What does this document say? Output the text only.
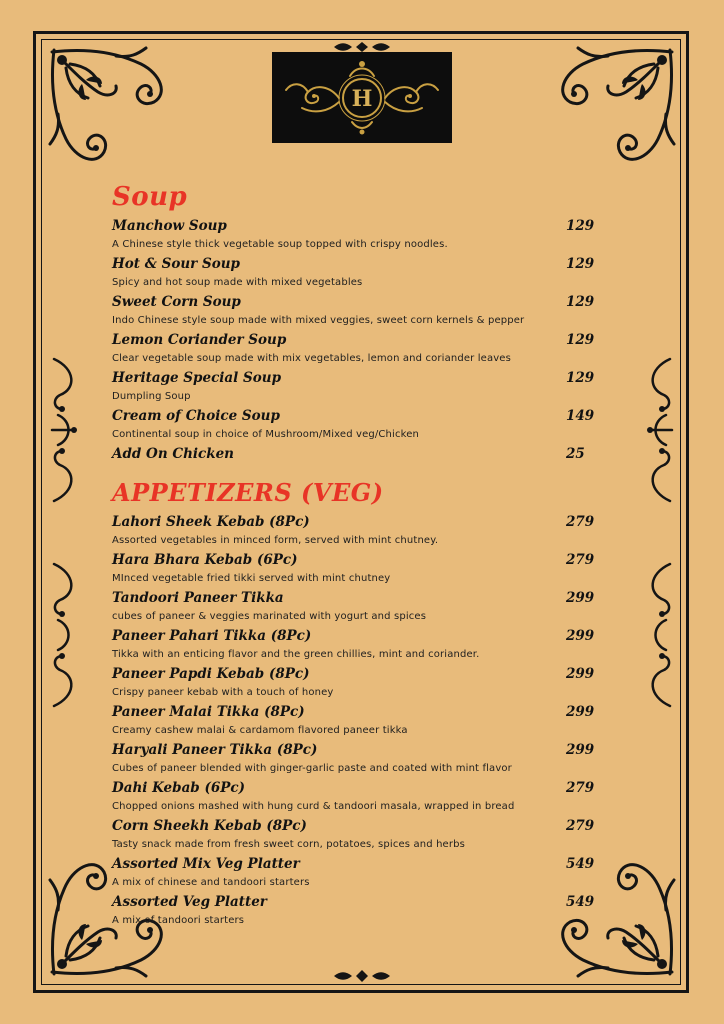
H
Soup
Manchow Soup	129
A Chinese style thick vegetable soup topped with crispy noodles.
Hot & Sour Soup	129
Spicy and hot soup made with mixed vegetables
Sweet Corn Soup	129
Indo Chinese style soup made with mixed veggies, sweet corn kernels & pepper
Lemon Coriander Soup	129
Clear vegetable soup made with mix vegetables, lemon and coriander leaves
Heritage Special Soup	129
Dumpling Soup
Cream of Choice Soup	149
Continental soup in choice of Mushroom/Mixed veg/Chicken
Add On Chicken	25
APPETIZERS (VEG)
Lahori Sheek Kebab (8Pc)	279
Assorted vegetables in minced form, served with mint chutney.
Hara Bhara Kebab (6Pc)	279
MInced vegetable fried tikki served with mint chutney
Tandoori Paneer Tikka	299
cubes of paneer & veggies marinated with yogurt and spices
Paneer Pahari Tikka (8Pc)	299
Tikka with an enticing flavor and the green chillies, mint and coriander.
Paneer Papdi Kebab (8Pc)	299
Crispy paneer kebab with a touch of honey
Paneer Malai Tikka (8Pc)	299
Creamy cashew malai & cardamom flavored paneer tikka
Haryali Paneer Tikka (8Pc)	299
Cubes of paneer blended with ginger-garlic paste and coated with mint flavor
Dahi Kebab (6Pc)	279
Chopped onions mashed with hung curd & tandoori masala, wrapped in bread
Corn Sheekh Kebab (8Pc)	279
Tasty snack made from fresh sweet corn, potatoes, spices and herbs
Assorted Mix Veg Platter	549
A mix of chinese and tandoori starters
Assorted Veg Platter	549
A mix of tandoori starters
